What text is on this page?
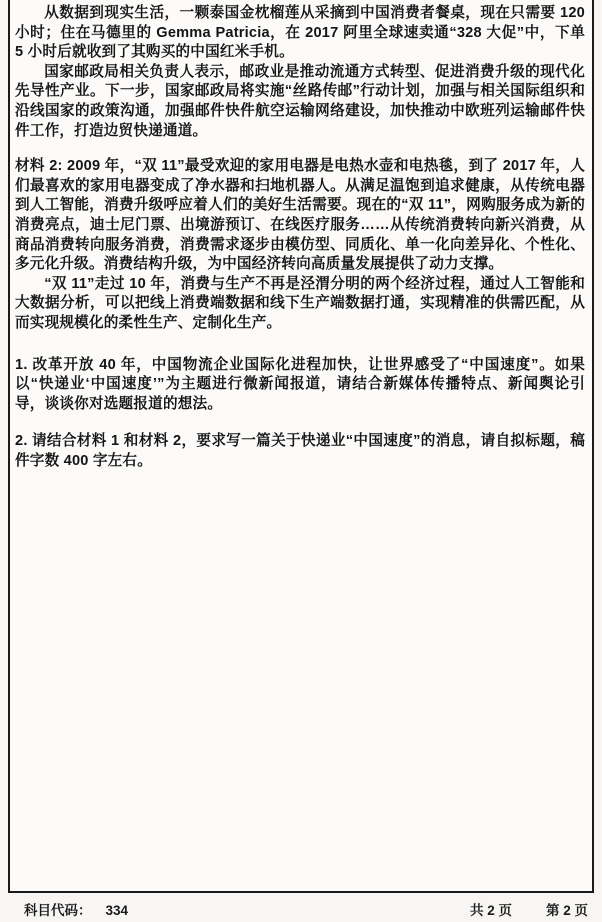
从数据到现实生活，一颗泰国金枕榴莲从采摘到中国消费者餐桌，现在只需要 120 小时；住在马德里的 Gemma Patricia，在 2017 阿里全球速卖通“328 大促”中，下单 5 小时后就收到了其购买的中国红米手机。

国家邮政局相关负责人表示，邮政业是推动流通方式转型、促进消费升级的现代化先导性产业。下一步，国家邮政局将实施“丝路传邮”行动计划，加强与相关国际组织和沿线国家的政策沟通，加强邮件快件航空运输网络建设，加快推动中欧班列运输邮件快件工作，打造边贸快递通道。

材料 2: 2009 年，“双 11”最受欢迎的家用电器是电热水壶和电热毯，到了 2017 年，人们最喜欢的家用电器变成了净水器和扫地机器人。从满足温饱到追求健康，从传统电器到人工智能，消费升级呼应着人们的美好生活需要。现在的“双 11”，网购服务成为新的消费亮点，迪士尼门票、出境游预订、在线医疗服务……从传统消费转向新兴消费，从商品消费转向服务消费，消费需求逐步由模仿型、同质化、单一化向差异化、个性化、多元化升级。消费结构升级，为中国经济转向高质量发展提供了动力支撑。

“双 11”走过 10 年，消费与生产不再是泾渭分明的两个经济过程，通过人工智能和大数据分析，可以把线上消费端数据和线下生产端数据打通，实现精准的供需匹配，从而实现规模化的柔性生产、定制化生产。

1. 改革开放 40 年，中国物流企业国际化进程加快，让世界感受了“中国速度”。如果以“快递业‘中国速度’”为主题进行微新闻报道，请结合新媒体传播特点、新闻舆论引导，谈谈你对选题报道的想法。

2. 请结合材料 1 和材料 2，要求写一篇关于快递业“中国速度”的消息，请自拟标题，稿件字数 400 字左右。

科目代码： 334	共 2 页	第 2 页
